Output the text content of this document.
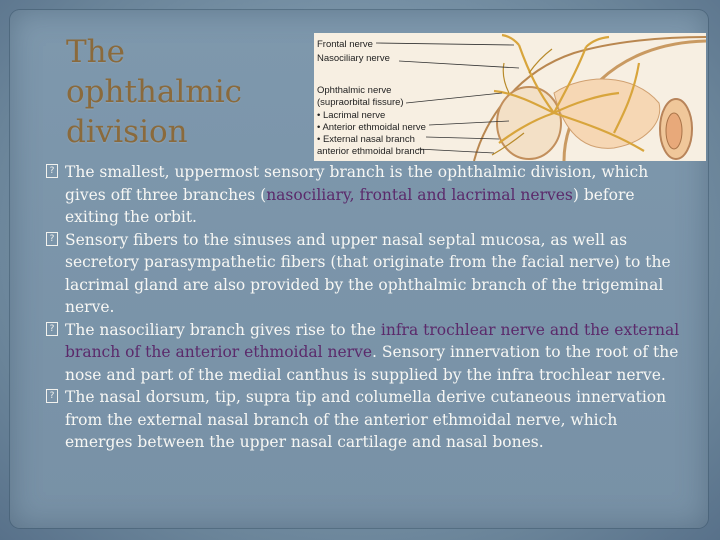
The
ophthalmic
division
Frontal nerve
Nasociliary nerve
Ophthalmic nerve
(supraorbital fissure)
• Lacrimal nerve
• Anterior ethmoidal nerve
• External nasal branch
anterior ethmoidal branch

? The smallest, uppermost sensory branch is the ophthalmic division, which gives off three branches (nasociliary, frontal and lacrimal nerves) before exiting the orbit.

? Sensory fibers to the sinuses and upper nasal septal mucosa, as well as secretory parasympathetic fibers (that originate from the facial nerve) to the lacrimal gland are also provided by the ophthalmic branch of the trigeminal nerve.

? The nasociliary branch gives rise to the infra trochlear nerve and the external branch of the anterior ethmoidal nerve. Sensory innervation to the root of the nose and part of the medial canthus is supplied by the infra trochlear nerve.

? The nasal dorsum, tip, supra tip and columella derive cutaneous innervation from the external nasal branch of the anterior ethmoidal nerve, which emerges between the upper nasal cartilage and nasal bones.
